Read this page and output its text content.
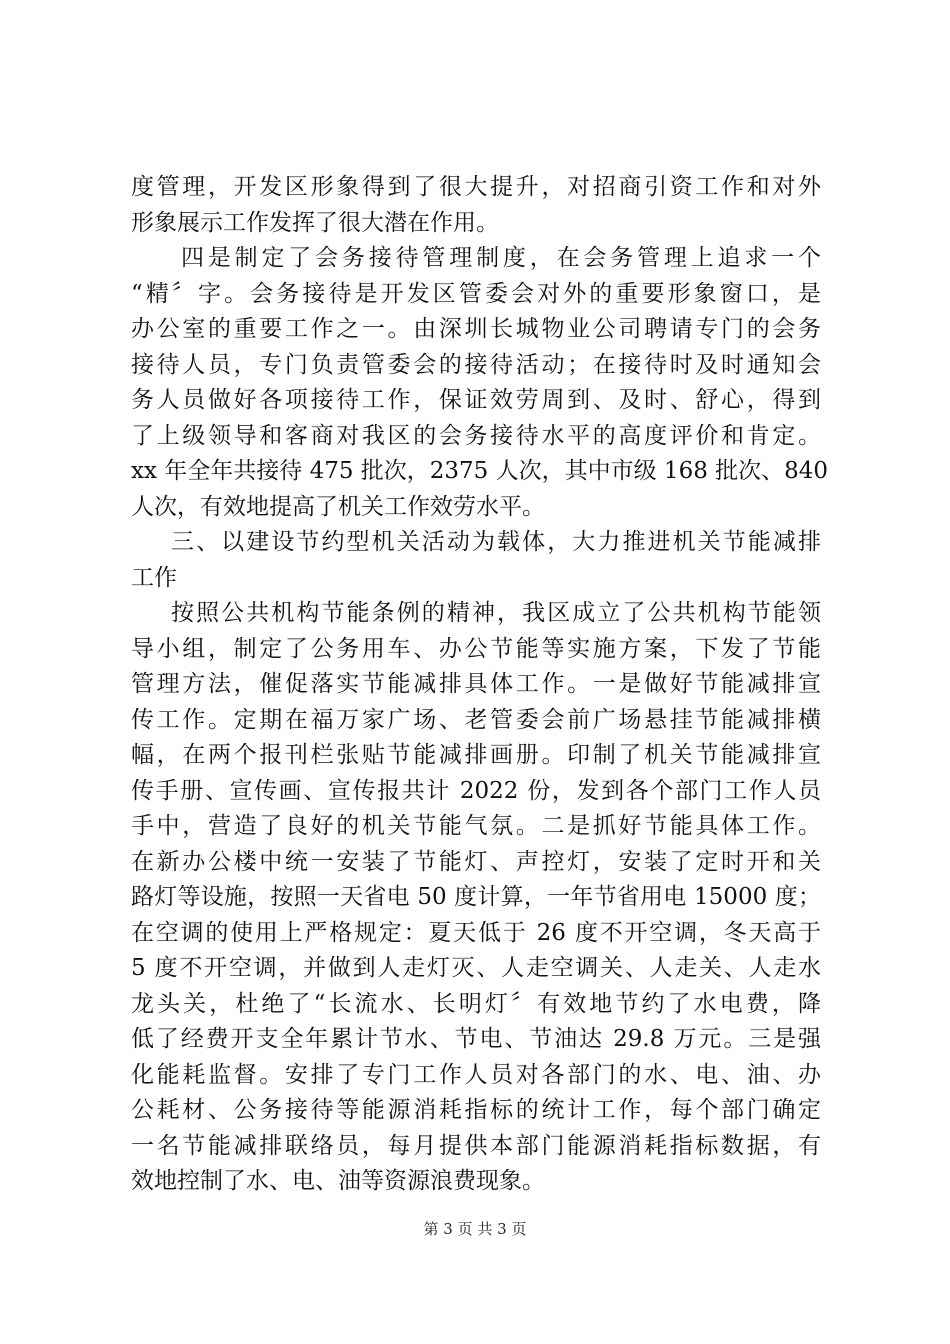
度管理，开发区形象得到了很大提升，对招商引资工作和对外
形象展示工作发挥了很大潜在作用。
四是制定了会务接待管理制度，在会务管理上追求一个
“精〞字。会务接待是开发区管委会对外的重要形象窗口，是
办公室的重要工作之一。由深圳长城物业公司聘请专门的会务
接待人员，专门负责管委会的接待活动；在接待时及时通知会
务人员做好各项接待工作，保证效劳周到、及时、舒心，得到
了上级领导和客商对我区的会务接待水平的高度评价和肯定。
xx 年全年共接待 475 批次，2375 人次，其中市级 168 批次、840
人次，有效地提高了机关工作效劳水平。
三、以建设节约型机关活动为载体，大力推进机关节能减排
工作
按照公共机构节能条例的精神，我区成立了公共机构节能领
导小组，制定了公务用车、办公节能等实施方案，下发了节能
管理方法，催促落实节能减排具体工作。一是做好节能减排宣
传工作。定期在福万家广场、老管委会前广场悬挂节能减排横
幅，在两个报刊栏张贴节能减排画册。印制了机关节能减排宣
传手册、宣传画、宣传报共计 2022 份，发到各个部门工作人员
手中，营造了良好的机关节能气氛。二是抓好节能具体工作。
在新办公楼中统一安装了节能灯、声控灯，安装了定时开和关
路灯等设施，按照一天省电 50 度计算，一年节省用电 15000 度；
在空调的使用上严格规定：夏天低于 26 度不开空调，冬天高于
5 度不开空调，并做到人走灯灭、人走空调关、人走关、人走水
龙头关，杜绝了“长流水、长明灯〞有效地节约了水电费，降
低了经费开支全年累计节水、节电、节油达 29.8 万元。三是强
化能耗监督。安排了专门工作人员对各部门的水、电、油、办
公耗材、公务接待等能源消耗指标的统计工作，每个部门确定
一名节能减排联络员，每月提供本部门能源消耗指标数据，有
效地控制了水、电、油等资源浪费现象。
第 3 页 共 3 页
